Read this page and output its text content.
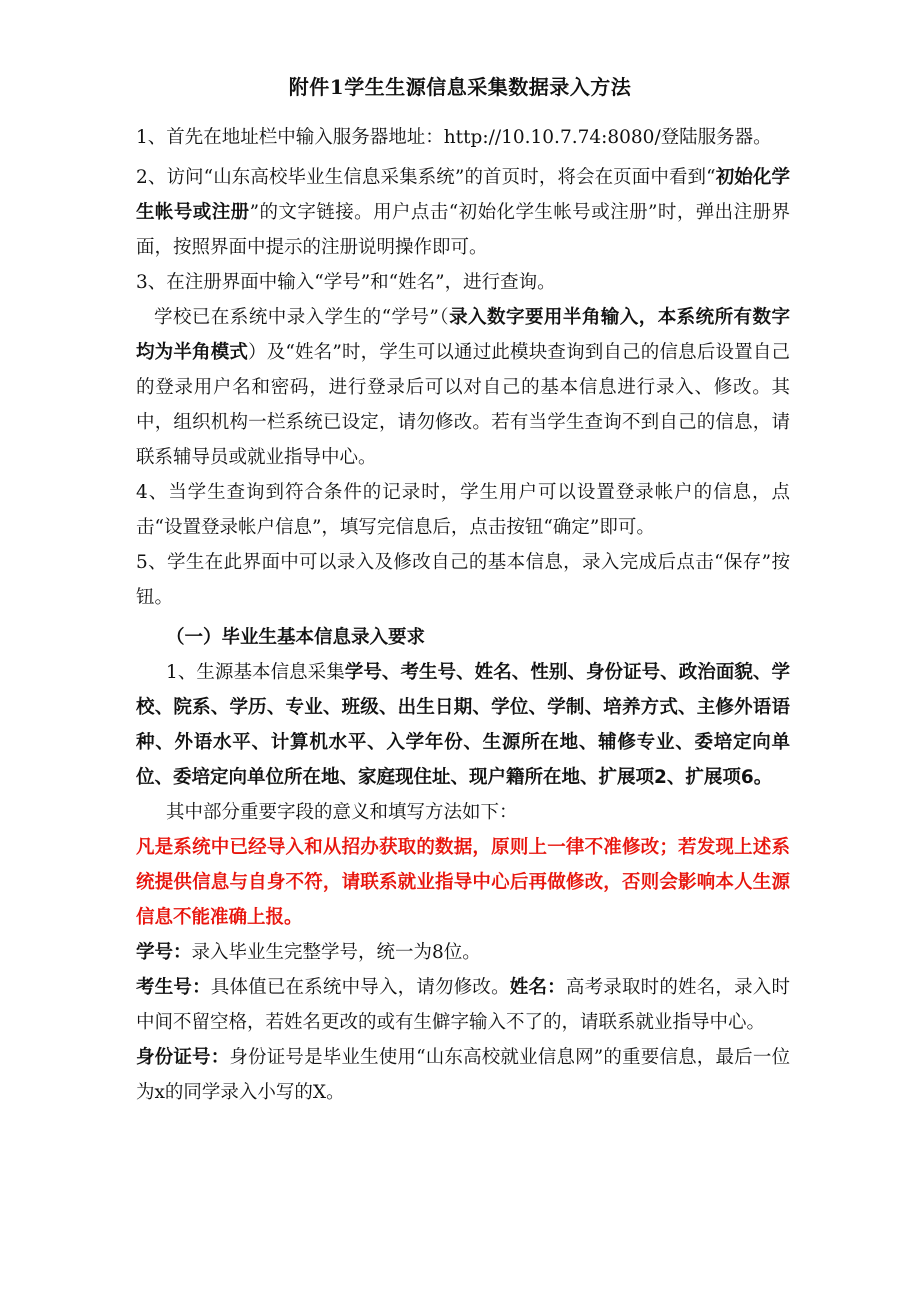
附件1学生生源信息采集数据录入方法

1、首先在地址栏中输入服务器地址：http://10.10.7.74:8080/登陆服务器。

2、访问“山东高校毕业生信息采集系统”的首页时，将会在页面中看到“初始化学生帐号或注册”的文字链接。用户点击“初始化学生帐号或注册”时，弹出注册界面，按照界面中提示的注册说明操作即可。

3、在注册界面中输入“学号”和“姓名”，进行查询。

学校已在系统中录入学生的“学号”（录入数字要用半角输入，本系统所有数字均为半角模式）及“姓名”时，学生可以通过此模块查询到自己的信息后设置自己的登录用户名和密码，进行登录后可以对自己的基本信息进行录入、修改。其中，组织机构一栏系统已设定，请勿修改。若有当学生查询不到自己的信息，请联系辅导员或就业指导中心。

4、当学生查询到符合条件的记录时，学生用户可以设置登录帐户的信息，点击“设置登录帐户信息”，填写完信息后，点击按钮“确定”即可。

5、学生在此界面中可以录入及修改自己的基本信息，录入完成后点击“保存”按钮。

（一）毕业生基本信息录入要求

1、生源基本信息采集学号、考生号、姓名、性别、身份证号、政治面貌、学校、院系、学历、专业、班级、出生日期、学位、学制、培养方式、主修外语语种、外语水平、计算机水平、入学年份、生源所在地、辅修专业、委培定向单位、委培定向单位所在地、家庭现住址、现户籍所在地、扩展项2、扩展项6。

其中部分重要字段的意义和填写方法如下：

凡是系统中已经导入和从招办获取的数据，原则上一律不准修改；若发现上述系统提供信息与自身不符，请联系就业指导中心后再做修改，否则会影响本人生源信息不能准确上报。

学号：录入毕业生完整学号，统一为8位。

考生号：具体值已在系统中导入，请勿修改。姓名：高考录取时的姓名，录入时中间不留空格，若姓名更改的或有生僻字输入不了的，请联系就业指导中心。

身份证号：身份证号是毕业生使用“山东高校就业信息网”的重要信息，最后一位为x的同学录入小写的X。
